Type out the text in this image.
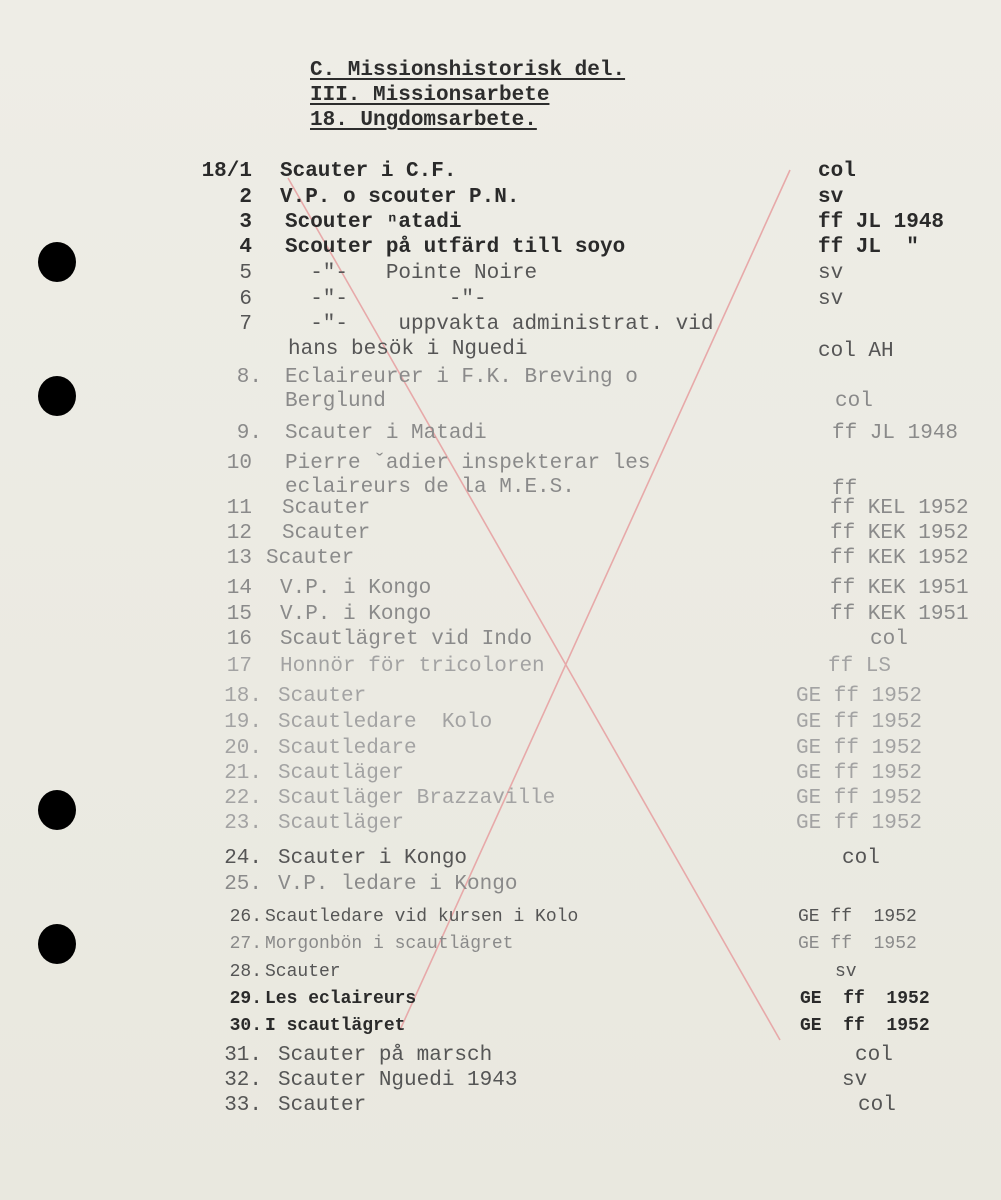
C. Missionshistorisk del.
III. Missionsarbete
18. Ungdomsarbete.
18/1 Scauter i C.F.	col
2 V.P. o scouter P.N.	sv
3 Scouter ⁿatadi	ff JL 1948
4 Scouter på utfärd till soyo	ff JL  "
5 -"-   Pointe Noire	sv
6 -"-        -"-	sv
7 -"-    uppvakta administrat. vid
hans besök i Nguedi	col AH
8. Eclaireurer i F.K. Breving o
Berglund	col
9. Scauter i Matadi	ff JL 1948
10 Pierre ˇadier inspekterar les
eclaireurs de la M.E.S.	ff
11 Scauter	ff KEL 1952
12 Scauter	ff KEK 1952
13 Scauter	ff KEK 1952
14 V.P. i Kongo	ff KEK 1951
15 V.P. i Kongo	ff KEK 1951
16 Scautlägret vid Indo	col
17 Honnör för tricoloren	ff LS
18. Scauter	GE ff 1952
19. Scautledare  Kolo	GE ff 1952
20. Scautledare	GE ff 1952
21. Scautläger	GE ff 1952
22. Scautläger Brazzaville	GE ff 1952
23. Scautläger	GE ff 1952
24. Scauter i Kongo	col
25. V.P. ledare i Kongo
26. Scautledare vid kursen i Kolo	GE ff  1952
27. Morgonbön i scautlägret	GE ff  1952
28. Scauter	sv
29. Les eclaireurs	GE  ff  1952
30. I scautlägret	GE  ff  1952
31. Scauter på marsch	col
32. Scauter Nguedi 1943	sv
33. Scauter	col
